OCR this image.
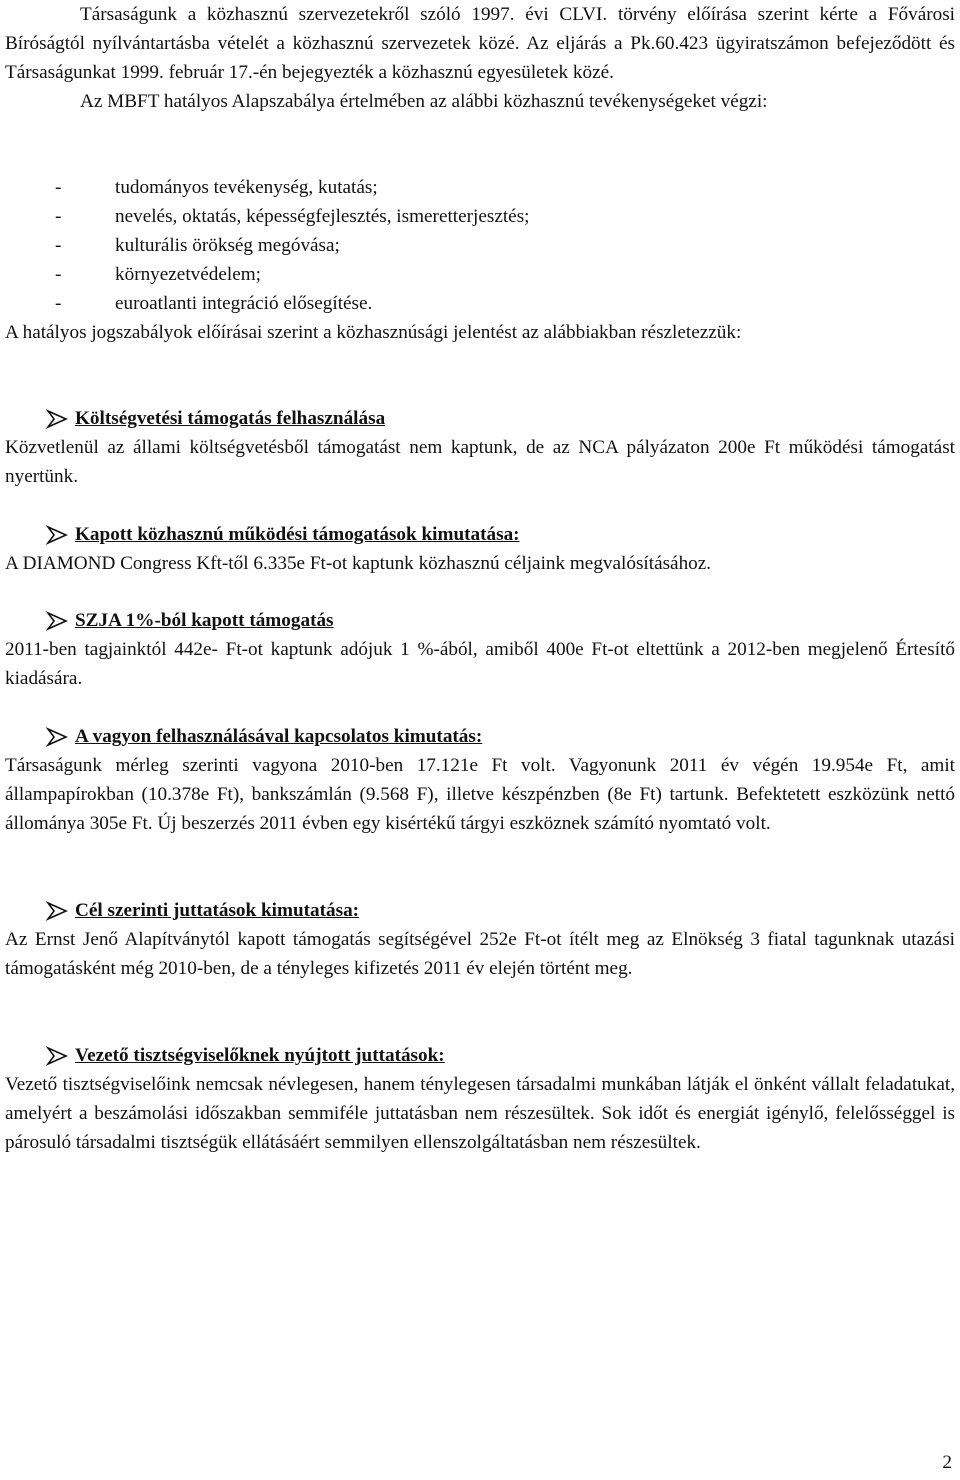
Társaságunk a közhasznú szervezetekről szóló 1997. évi CLVI. törvény előírása szerint kérte a Fővárosi Bíróságtól nyílvántartásba vételét a közhasznú szervezetek közé. Az eljárás a Pk.60.423 ügyiratszámon befejeződött és Társaságunkat 1999. február 17.-én bejegyezték a közhasznú egyesületek közé.
Az MBFT hatályos Alapszabálya értelmében az alábbi közhasznú tevékenységeket végzi:
-	tudományos tevékenység, kutatás;
-	nevelés, oktatás, képességfejlesztés, ismeretterjesztés;
-	kulturális örökség megóvása;
-	környezetvédelem;
-	euroatlanti integráció elősegítése.
A hatályos jogszabályok előírásai szerint a közhasznúsági jelentést az alábbiakban részletezzük:
Költségvetési támogatás felhasználása
Közvetlenül az állami költségvetésből támogatást nem kaptunk, de az NCA pályázaton 200e Ft működési támogatást nyertünk.
Kapott közhasznú működési támogatások kimutatása:
A DIAMOND Congress Kft-től 6.335e Ft-ot kaptunk közhasznú céljaink megvalósításához.
SZJA 1%-ból kapott támogatás
2011-ben tagjainktól 442e- Ft-ot kaptunk adójuk 1 %-ából, amiből 400e Ft-ot eltettünk a 2012-ben megjelenő Értesítő kiadására.
A vagyon felhasználásával kapcsolatos kimutatás:
Társaságunk mérleg szerinti vagyona 2010-ben 17.121e Ft volt. Vagyonunk 2011 év végén 19.954e Ft, amit állampapírokban (10.378e Ft), bankszámlán (9.568 F), illetve készpénzben (8e Ft) tartunk. Befektetett eszközünk nettó állománya 305e Ft. Új beszerzés 2011 évben egy kisértékű tárgyi eszköznek számító nyomtató volt.
Cél szerinti juttatások kimutatása:
Az Ernst Jenő Alapítványtól kapott támogatás segítségével 252e Ft-ot ítélt meg az Elnökség 3 fiatal tagunknak utazási támogatásként még 2010-ben, de a tényleges kifizetés 2011 év elején történt meg.
Vezető tisztségviselőknek nyújtott juttatások:
Vezető tisztségviselőink nemcsak névlegesen, hanem ténylegesen társadalmi munkában látják el önként vállalt feladatukat, amelyért a beszámolási időszakban semmiféle juttatásban nem részesültek. Sok időt és energiát igénylő, felelősséggel is párosuló társadalmi tisztségük ellátásáért semmilyen ellenszolgáltatásban nem részesültek.
2
